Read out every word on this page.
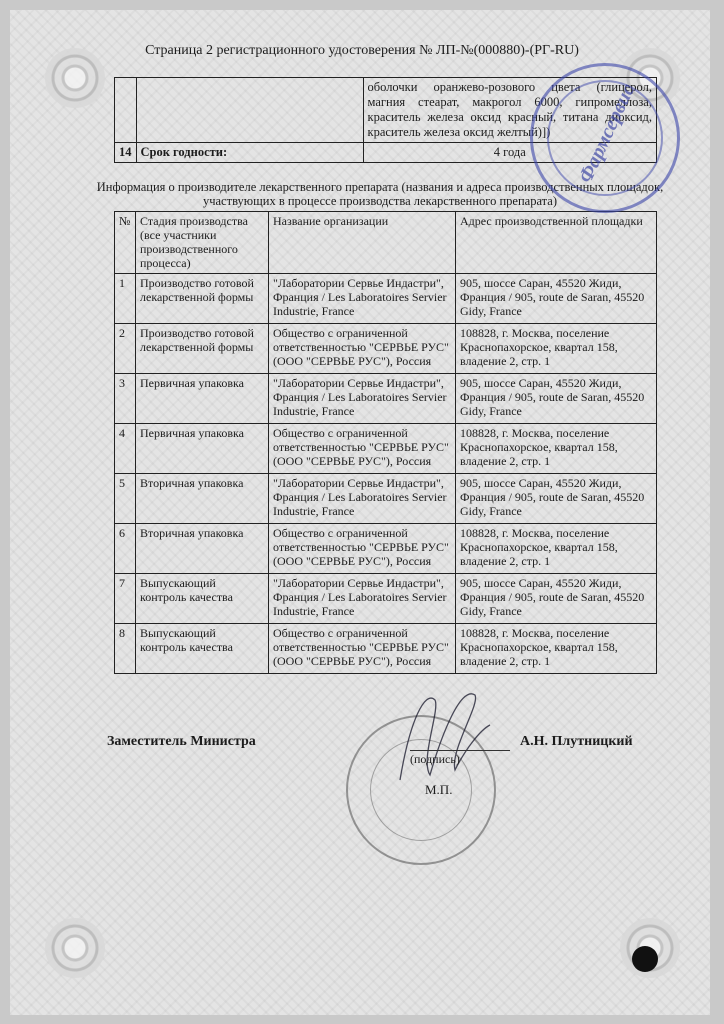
Страница 2 регистрационного удостоверения № ЛП-№(000880)-(РГ-RU)
		оболочки оранжево-розового цвета (глицерол, магния стеарат, макрогол 6000, гипромеллоза, краситель железа оксид красный, титана диоксид, краситель железа оксид желтый)])
14	Срок годности:	4 года
Информация о производителе лекарственного препарата (названия и адреса производственных площадок, участвующих в процессе производства лекарственного препарата)
№	Стадия производства (все участники производственного процесса)	Название организации	Адрес производственной площадки
1	Производство готовой лекарственной формы	"Лаборатории Сервье Индастри", Франция / Les Laboratoires Servier Industrie, France	905, шоссе Саран, 45520 Жиди, Франция / 905, route de Saran, 45520 Gidy, France
2	Производство готовой лекарственной формы	Общество с ограниченной ответственностью "СЕРВЬЕ РУС" (ООО "СЕРВЬЕ РУС"), Россия	108828, г. Москва, поселение Краснопахорское, квартал 158, владение 2, стр. 1
3	Первичная упаковка	"Лаборатории Сервье Индастри", Франция / Les Laboratoires Servier Industrie, France	905, шоссе Саран, 45520 Жиди, Франция / 905, route de Saran, 45520 Gidy, France
4	Первичная упаковка	Общество с ограниченной ответственностью "СЕРВЬЕ РУС" (ООО "СЕРВЬЕ РУС"), Россия	108828, г. Москва, поселение Краснопахорское, квартал 158, владение 2, стр. 1
5	Вторичная упаковка	"Лаборатории Сервье Индастри", Франция / Les Laboratoires Servier Industrie, France	905, шоссе Саран, 45520 Жиди, Франция / 905, route de Saran, 45520 Gidy, France
6	Вторичная упаковка	Общество с ограниченной ответственностью "СЕРВЬЕ РУС" (ООО "СЕРВЬЕ РУС"), Россия	108828, г. Москва, поселение Краснопахорское, квартал 158, владение 2, стр. 1
7	Выпускающий контроль качества	"Лаборатории Сервье Индастри", Франция / Les Laboratoires Servier Industrie, France	905, шоссе Саран, 45520 Жиди, Франция / 905, route de Saran, 45520 Gidy, France
8	Выпускающий контроль качества	Общество с ограниченной ответственностью "СЕРВЬЕ РУС" (ООО "СЕРВЬЕ РУС"), Россия	108828, г. Москва, поселение Краснопахорское, квартал 158, владение 2, стр. 1
Фармсервис
Заместитель Министра
(подпись)
А.Н. Плутницкий
М.П.
